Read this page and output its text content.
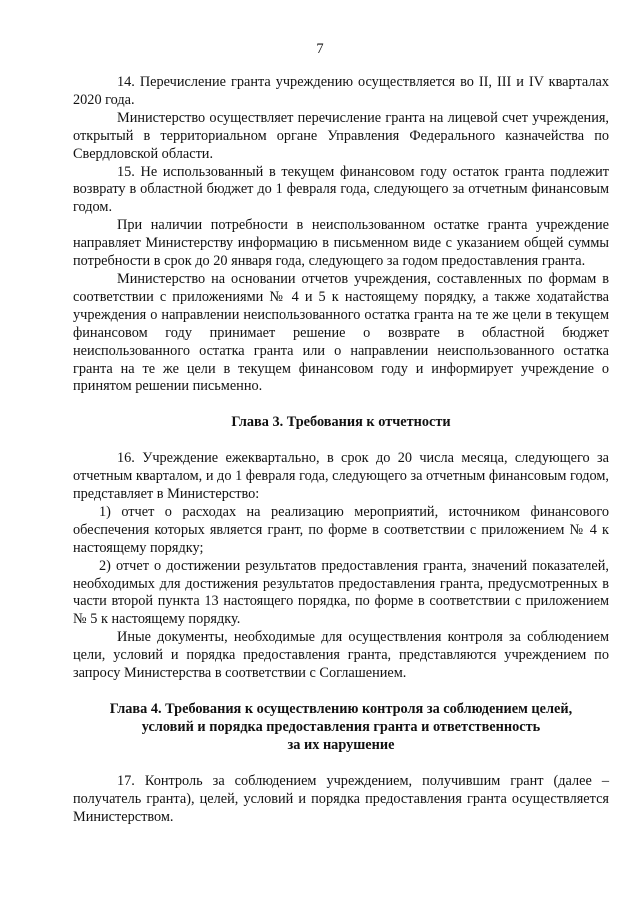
7

14. Перечисление гранта учреждению осуществляется во II, III и IV кварталах 2020 года.

Министерство осуществляет перечисление гранта на лицевой счет учреждения, открытый в территориальном органе Управления Федерального казначейства по Свердловской области.

15. Не использованный в текущем финансовом году остаток гранта подлежит возврату в областной бюджет до 1 февраля года, следующего за отчетным финансовым годом.

При наличии потребности в неиспользованном остатке гранта учреждение направляет Министерству информацию в письменном виде с указанием общей суммы потребности в срок до 20 января года, следующего за годом предоставления гранта.

Министерство на основании отчетов учреждения, составленных по формам в соответствии с приложениями № 4 и 5 к настоящему порядку, а также ходатайства учреждения о направлении неиспользованного остатка гранта на те же цели в текущем финансовом году принимает решение о возврате в областной бюджет неиспользованного остатка гранта или о направлении неиспользованного остатка гранта на те же цели в текущем финансовом году и информирует учреждение о принятом решении письменно.

Глава 3. Требования к отчетности

16. Учреждение ежеквартально, в срок до 20 числа месяца, следующего за отчетным кварталом, и до 1 февраля года, следующего за отчетным финансовым годом, представляет в Министерство:

1) отчет о расходах на реализацию мероприятий, источником финансового обеспечения которых является грант, по форме в соответствии с приложением № 4 к настоящему порядку;

2) отчет о достижении результатов предоставления гранта, значений показателей, необходимых для достижения результатов предоставления гранта, предусмотренных в части второй пункта 13 настоящего порядка, по форме в соответствии с приложением № 5 к настоящему порядку.

Иные документы, необходимые для осуществления контроля за соблюдением цели, условий и порядка предоставления гранта, представляются учреждением по запросу Министерства в соответствии с Соглашением.

Глава 4. Требования к осуществлению контроля за соблюдением целей,
условий и порядка предоставления гранта и ответственность
за их нарушение

17. Контроль за соблюдением учреждением, получившим грант (далее – получатель гранта), целей, условий и порядка предоставления гранта осуществляется Министерством.
